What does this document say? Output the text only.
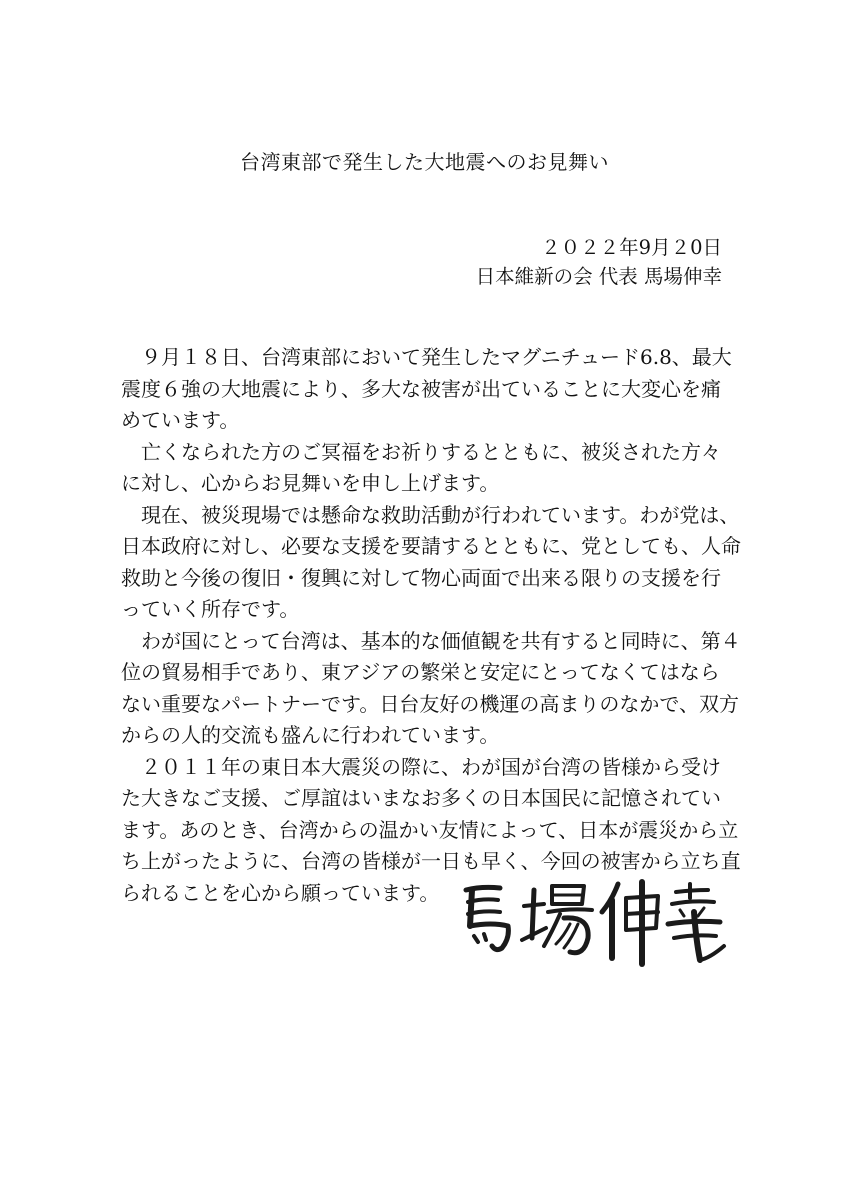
台湾東部で発生した大地震へのお見舞い
２０２２年9月２0日
日本維新の会 代表 馬場伸幸
　９月１８日、台湾東部において発生したマグニチュード6.8、最大
震度６強の大地震により、多大な被害が出ていることに大変心を痛
めています。
　亡くなられた方のご冥福をお祈りするとともに、被災された方々
に対し、心からお見舞いを申し上げます。
　現在、被災現場では懸命な救助活動が行われています。わが党は、
日本政府に対し、必要な支援を要請するとともに、党としても、人命
救助と今後の復旧・復興に対して物心両面で出来る限りの支援を行
っていく所存です。
　わが国にとって台湾は、基本的な価値観を共有すると同時に、第４
位の貿易相手であり、東アジアの繁栄と安定にとってなくてはなら
ない重要なパートナーです。日台友好の機運の高まりのなかで、双方
からの人的交流も盛んに行われています。
　２０１１年の東日本大震災の際に、わが国が台湾の皆様から受け
た大きなご支援、ご厚誼はいまなお多くの日本国民に記憶されてい
ます。あのとき、台湾からの温かい友情によって、日本が震災から立
ち上がったように、台湾の皆様が一日も早く、今回の被害から立ち直
られることを心から願っています。
